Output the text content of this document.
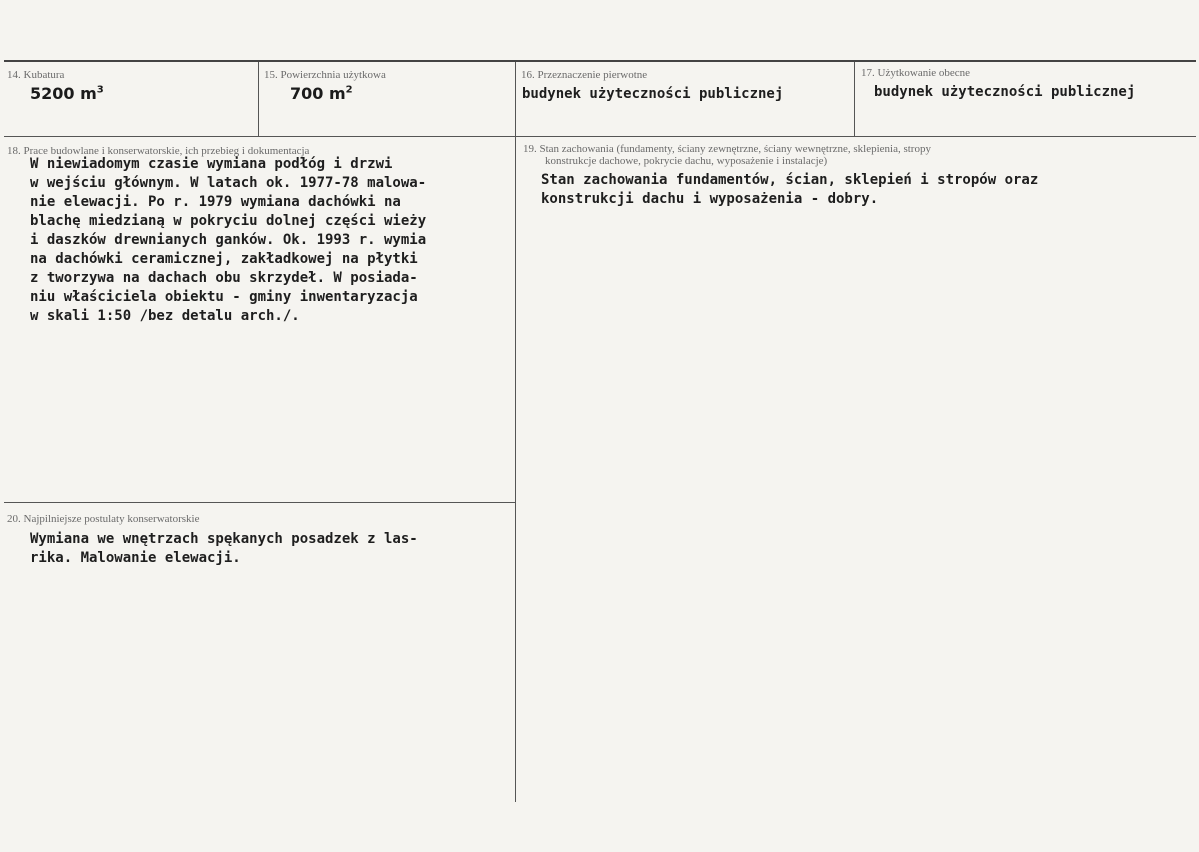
14. Kubatura
5200 $m^3$
15. Powierzchnia użytkowa
700 $m^2$
16. Przeznaczenie pierwotne
budynek użyteczności publicznej
17. Użytkowanie obecne
budynek użyteczności publicznej
18. Prace budowlane i konserwatorskie, ich przebieg i dokumentacja
W niewiadomym czasie wymiana podłóg i drzwi
w wejściu głównym. W latach ok. 1977-78 malowa-
nie elewacji. Po r. 1979 wymiana dachówki na
blachę miedzianą w pokryciu dolnej części wieży
i daszków drewnianych ganków. Ok. 1993 r. wymia
na dachówki ceramicznej, zakładkowej na płytki
z tworzywa na dachach obu skrzydeł. W posiada-
niu właściciela obiektu - gminy inwentaryzacja
w skali 1:50 /bez detalu arch./.
19. Stan zachowania (fundamenty, ściany zewnętrzne, ściany wewnętrzne, sklepienia, stropy
konstrukcje dachowe, pokrycie dachu, wyposażenie i instalacje)
Stan zachowania fundamentów, ścian, sklepień i stropów oraz
konstrukcji dachu i wyposażenia - dobry.
20. Najpilniejsze postulaty konserwatorskie
Wymiana we wnętrzach spękanych posadzek z las-
rika. Malowanie elewacji.
